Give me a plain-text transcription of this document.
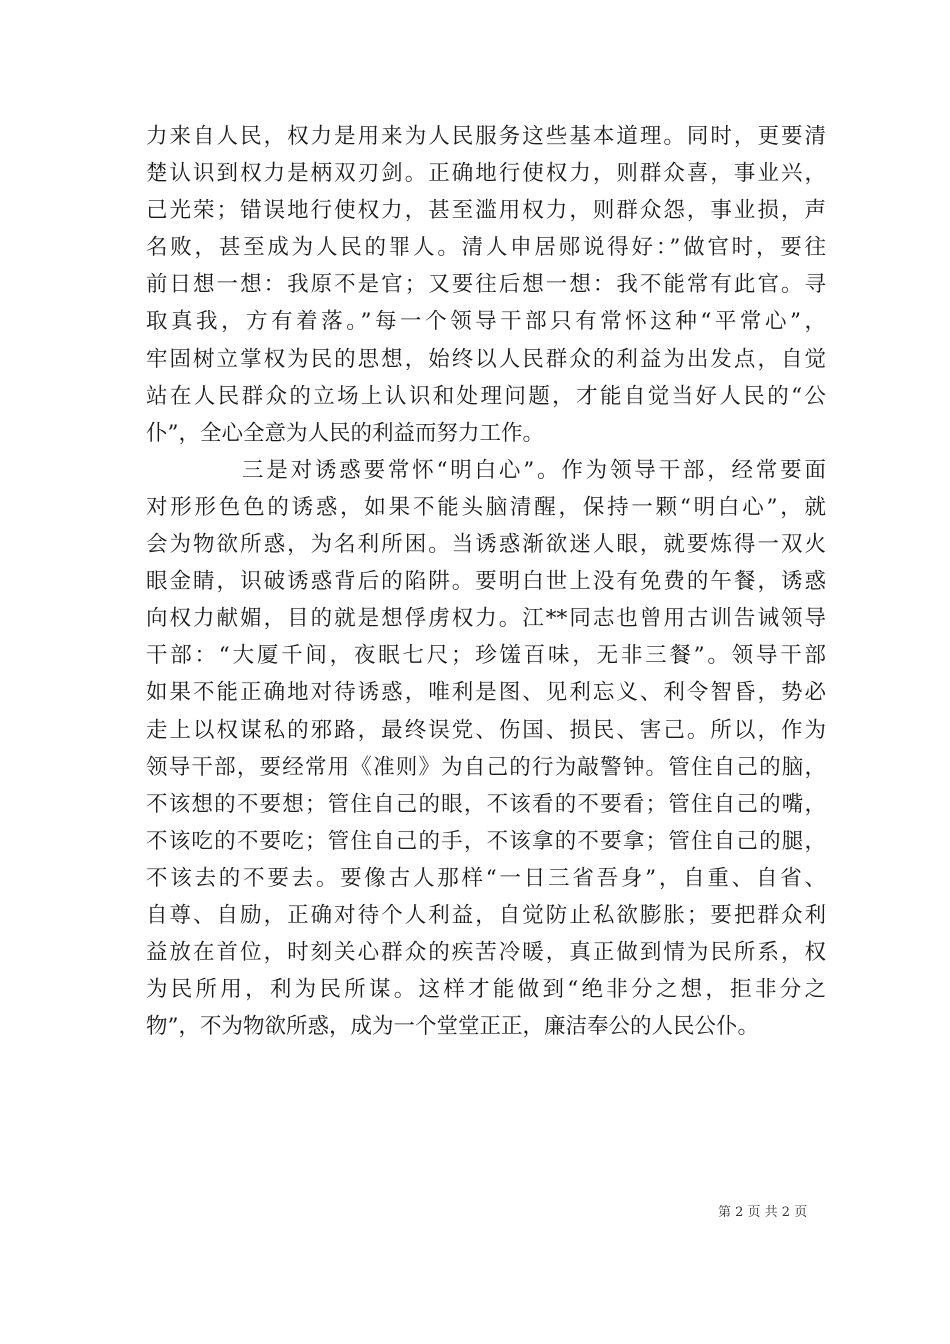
力来自人民，权力是用来为人民服务这些基本道理。同时，更要清
楚认识到权力是柄双刃剑。正确地行使权力，则群众喜，事业兴，
己光荣；错误地行使权力，甚至滥用权力，则群众怨，事业损，声
名败，甚至成为人民的罪人。清人申居郧说得好：”做官时，要往
前日想一想：我原不是官；又要往后想一想：我不能常有此官。寻
取真我，方有着落。”每一个领导干部只有常怀这种“平常心”，
牢固树立掌权为民的思想，始终以人民群众的利益为出发点，自觉
站在人民群众的立场上认识和处理问题，才能自觉当好人民的“公
仆”，全心全意为人民的利益而努力工作。
三是对诱惑要常怀“明白心”。作为领导干部，经常要面
对形形色色的诱惑，如果不能头脑清醒，保持一颗“明白心”，就
会为物欲所惑，为名利所困。当诱惑渐欲迷人眼，就要炼得一双火
眼金睛，识破诱惑背后的陷阱。要明白世上没有免费的午餐，诱惑
向权力献媚，目的就是想俘虏权力。江**同志也曾用古训告诫领导
干部：“大厦千间，夜眠七尺；珍馐百味，无非三餐”。领导干部
如果不能正确地对待诱惑，唯利是图、见利忘义、利令智昏，势必
走上以权谋私的邪路，最终误党、伤国、损民、害己。所以，作为
领导干部，要经常用《准则》为自己的行为敲警钟。管住自己的脑，
不该想的不要想；管住自己的眼，不该看的不要看；管住自己的嘴，
不该吃的不要吃；管住自己的手，不该拿的不要拿；管住自己的腿，
不该去的不要去。要像古人那样“一日三省吾身”，自重、自省、
自尊、自励，正确对待个人利益，自觉防止私欲膨胀；要把群众利
益放在首位，时刻关心群众的疾苦冷暖，真正做到情为民所系，权
为民所用，利为民所谋。这样才能做到“绝非分之想，拒非分之
物”，不为物欲所惑，成为一个堂堂正正，廉洁奉公的人民公仆。
第 2 页 共 2 页
